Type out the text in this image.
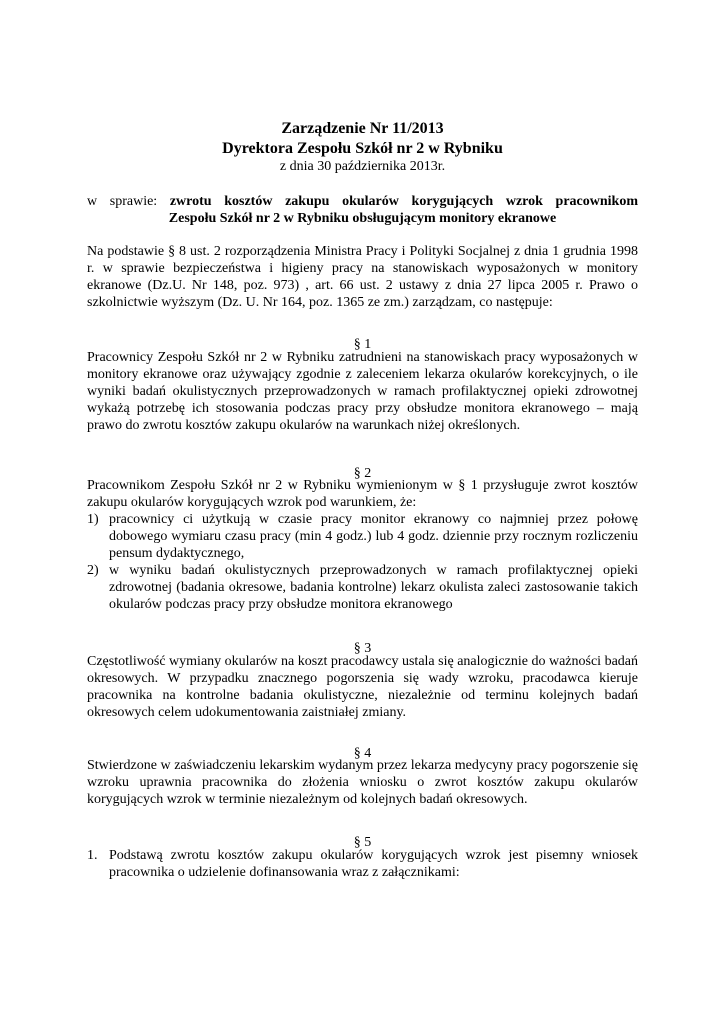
Zarządzenie Nr 11/2013
Dyrektora Zespołu Szkół nr 2 w Rybniku
z dnia 30 października 2013r.

w sprawie: zwrotu kosztów zakupu okularów korygujących wzrok pracownikom

Zespołu Szkół nr 2 w Rybniku obsługującym monitory ekranowe

Na podstawie § 8 ust. 2 rozporządzenia Ministra Pracy i Polityki Socjalnej z dnia 1 grudnia 1998 r. w sprawie bezpieczeństwa i higieny pracy na stanowiskach wyposażonych w monitory ekranowe (Dz.U. Nr 148, poz. 973) , art. 66 ust. 2 ustawy z dnia 27 lipca 2005 r. Prawo o szkolnictwie wyższym (Dz. U. Nr 164, poz. 1365 ze zm.) zarządzam, co następuje:

§ 1

Pracownicy Zespołu Szkół nr 2 w Rybniku zatrudnieni na stanowiskach pracy wyposażonych w monitory ekranowe oraz używający zgodnie z zaleceniem lekarza okularów korekcyjnych, o ile wyniki badań okulistycznych przeprowadzonych w ramach profilaktycznej opieki zdrowotnej wykażą potrzebę ich stosowania podczas pracy przy obsłudze monitora ekranowego – mają prawo do zwrotu kosztów zakupu okularów na warunkach niżej określonych.

§ 2

Pracownikom Zespołu Szkół nr 2 w Rybniku wymienionym w § 1 przysługuje zwrot kosztów zakupu okularów korygujących wzrok pod warunkiem, że:

1) pracownicy ci użytkują w czasie pracy monitor ekranowy co najmniej przez połowę dobowego wymiaru czasu pracy (min 4 godz.) lub 4 godz. dziennie przy rocznym rozliczeniu pensum dydaktycznego,
2) w wyniku badań okulistycznych przeprowadzonych w ramach profilaktycznej opieki zdrowotnej (badania okresowe, badania kontrolne) lekarz okulista zaleci zastosowanie takich okularów podczas pracy przy obsłudze monitora ekranowego

§ 3

Częstotliwość wymiany okularów na koszt pracodawcy ustala się analogicznie do ważności badań okresowych. W przypadku znacznego pogorszenia się wady wzroku, pracodawca kieruje pracownika na kontrolne badania okulistyczne, niezależnie od terminu kolejnych badań okresowych celem udokumentowania zaistniałej zmiany.

§ 4

Stwierdzone w zaświadczeniu lekarskim wydanym przez lekarza medycyny pracy pogorszenie się wzroku uprawnia pracownika do złożenia wniosku o zwrot kosztów zakupu okularów korygujących wzrok w terminie niezależnym od kolejnych badań okresowych.

§ 5

1. Podstawą zwrotu kosztów zakupu okularów korygujących wzrok jest pisemny wniosek pracownika o udzielenie dofinansowania wraz z załącznikami:
